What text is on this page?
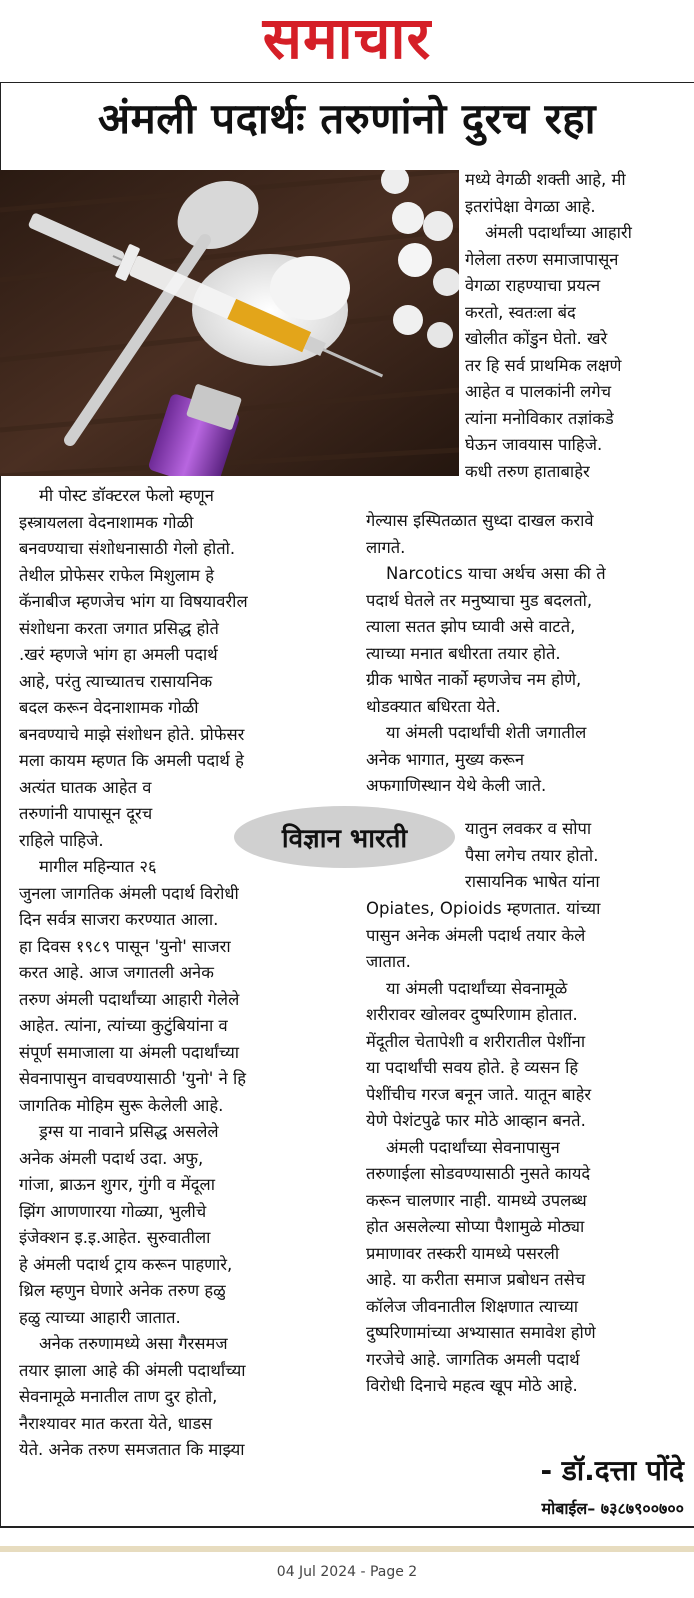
समाचार
अंमली पदार्थः तरुणांनो दुरच रहा

मी पोस्ट डॉक्टरल फेलो म्हणून

इस्त्रायलला वेदनाशामक गोळी

बनवण्याचा संशोधनासाठी गेलो होतो.

तेथील प्रोफेसर राफेल मिशुलाम हे

कॅनाबीज म्हणजेच भांग या विषयावरील

संशोधना करता जगात प्रसिद्ध होते

.खरं म्हणजे भांग हा अमली पदार्थ

आहे, परंतु त्याच्यातच रासायनिक

बदल करून वेदनाशामक गोळी

बनवण्याचे माझे संशोधन होते. प्रोफेसर

मला कायम म्हणत कि अमली पदार्थ हे

अत्यंत घातक आहेत व

तरुणांनी यापासून दूरच

राहिले पाहिजे.

मागील महिन्यात २६

जुनला जागतिक अंमली पदार्थ विरोधी

दिन सर्वत्र साजरा करण्यात आला.

हा दिवस १९८९ पासून 'युनो' साजरा

करत आहे. आज जगातली अनेक

तरुण अंमली पदार्थांच्या आहारी गेलेले

आहेत. त्यांना, त्यांच्या कुटुंबियांना व

संपूर्ण समाजाला या अंमली पदार्थांच्या

सेवनापासुन वाचवण्यासाठी 'युनो' ने हि

जागतिक मोहिम सुरू केलेली आहे.

ड्रग्स या नावाने प्रसिद्ध असलेले

अनेक अंमली पदार्थ उदा. अफु,

गांजा, ब्राऊन शुगर, गुंगी व मेंदूला

झिंग आणणारया गोळ्या, भुलीचे

इंजेक्शन इ.इ.आहेत. सुरुवातीला

हे अंमली पदार्थ ट्राय करून पाहणारे,

थ्रिल म्हणुन घेणारे अनेक तरुण हळु

हळु त्याच्या आहारी जातात.

अनेक तरुणामध्ये असा गैरसमज

तयार झाला आहे की अंमली पदार्थांच्या

सेवनामूळे मनातील ताण दुर होतो,

नैराश्यावर मात करता येते, धाडस

येते. अनेक तरुण समजतात कि माझ्या

मध्ये वेगळी शक्ती आहे, मी

इतरांपेक्षा वेगळा आहे.

अंमली पदार्थांच्या आहारी

गेलेला तरुण समाजापासून

वेगळा राहण्याचा प्रयत्न

करतो, स्वतःला बंद

खोलीत कोंडुन घेतो. खरे

तर हि सर्व प्राथमिक लक्षणे

आहेत व पालकांनी लगेच

त्यांना मनोविकार तज्ञांकडे

घेऊन जावयास पाहिजे.

कधी तरुण हाताबाहेर

गेल्यास इस्पितळात सुध्दा दाखल करावे

लागते.

Narcotics याचा अर्थच असा की ते

पदार्थ घेतले तर मनुष्याचा मुड बदलतो,

त्याला सतत झोप घ्यावी असे वाटते,

त्याच्या मनात बधीरता तयार होते.

ग्रीक भाषेत नार्को म्हणजेच नम होणे,

थोडक्यात बधिरता येते.

या अंमली पदार्थांची शेती जगातील

अनेक भागात, मुख्य करून

अफगाणिस्थान येथे केली जाते.

विज्ञान भारती	यातुन लवकर व सोपा

पैसा लगेच तयार होतो.

रासायनिक भाषेत यांना

Opiates, Opioids म्हणतात. यांच्या

पासुन अनेक अंमली पदार्थ तयार केले

जातात.

या अंमली पदार्थांच्या सेवनामूळे

शरीरावर खोलवर दुष्परिणाम होतात.

मेंदूतील चेतापेशी व शरीरातील पेशींना

या पदार्थांची सवय होते. हे व्यसन हि

पेशींचीच गरज बनून जाते. यातून बाहेर

येणे पेशंटपुढे फार मोठे आव्हान बनते.

अंमली पदार्थांच्या सेवनापासुन

तरुणाईला सोडवण्यासाठी नुसते कायदे

करून चालणार नाही. यामध्ये उपलब्ध

होत असलेल्या सोप्या पैशामुळे मोठ्या

प्रमाणावर तस्करी यामध्ये पसरली

आहे. या करीता समाज प्रबोधन तसेच

कॉलेज जीवनातील शिक्षणात त्याच्या

दुष्परिणामांच्या अभ्यासात समावेश होणे

गरजेचे आहे. जागतिक अमली पदार्थ

विरोधी दिनाचे महत्व खूप मोठे आहे.

- डॉ.दत्ता पोंदे
मोबाईल– ७३८७९००७००
04 Jul 2024 - Page 2
